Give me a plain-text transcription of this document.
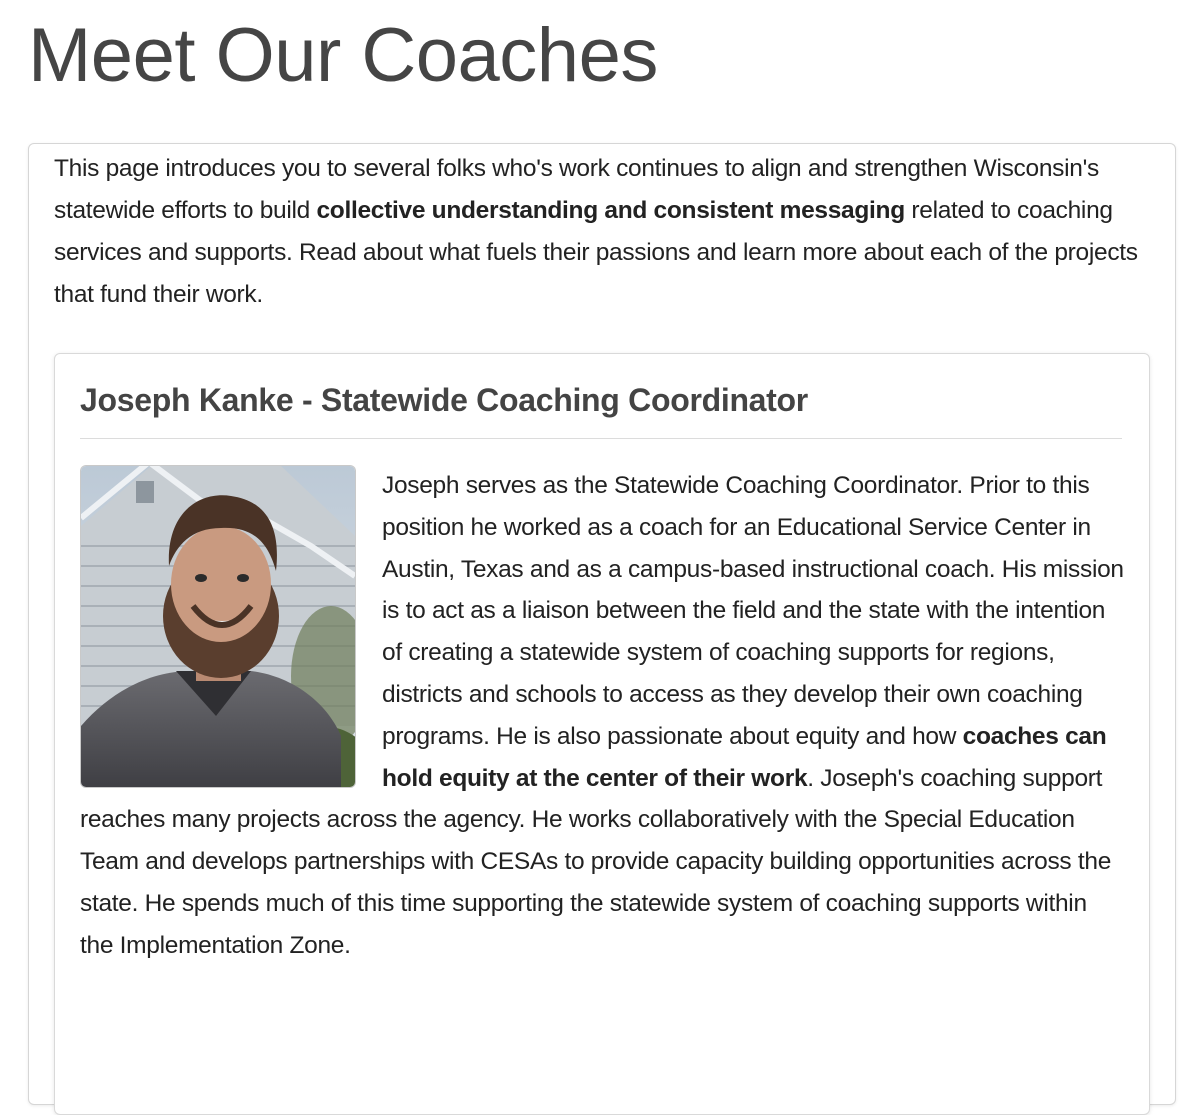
Meet Our Coaches

This page introduces you to several folks who's work continues to align and strengthen Wisconsin's statewide efforts to build collective understanding and consistent messaging related to coaching services and supports. Read about what fuels their passions and learn more about each of the projects that fund their work.

Joseph Kanke - Statewide Coaching Coordinator

Joseph serves as the Statewide Coaching Coordinator. Prior to this position he worked as a coach for an Educational Service Center in Austin, Texas and as a campus-based instructional coach. His mission is to act as a liaison between the field and the state with the intention of creating a statewide system of coaching supports for regions, districts and schools to access as they develop their own coaching programs. He is also passionate about equity and how coaches can hold equity at the center of their work. Joseph's coaching support reaches many projects across the agency. He works collaboratively with the Special Education Team and develops partnerships with CESAs to provide capacity building opportunities across the state. He spends much of this time supporting the statewide system of coaching supports within the Implementation Zone.
